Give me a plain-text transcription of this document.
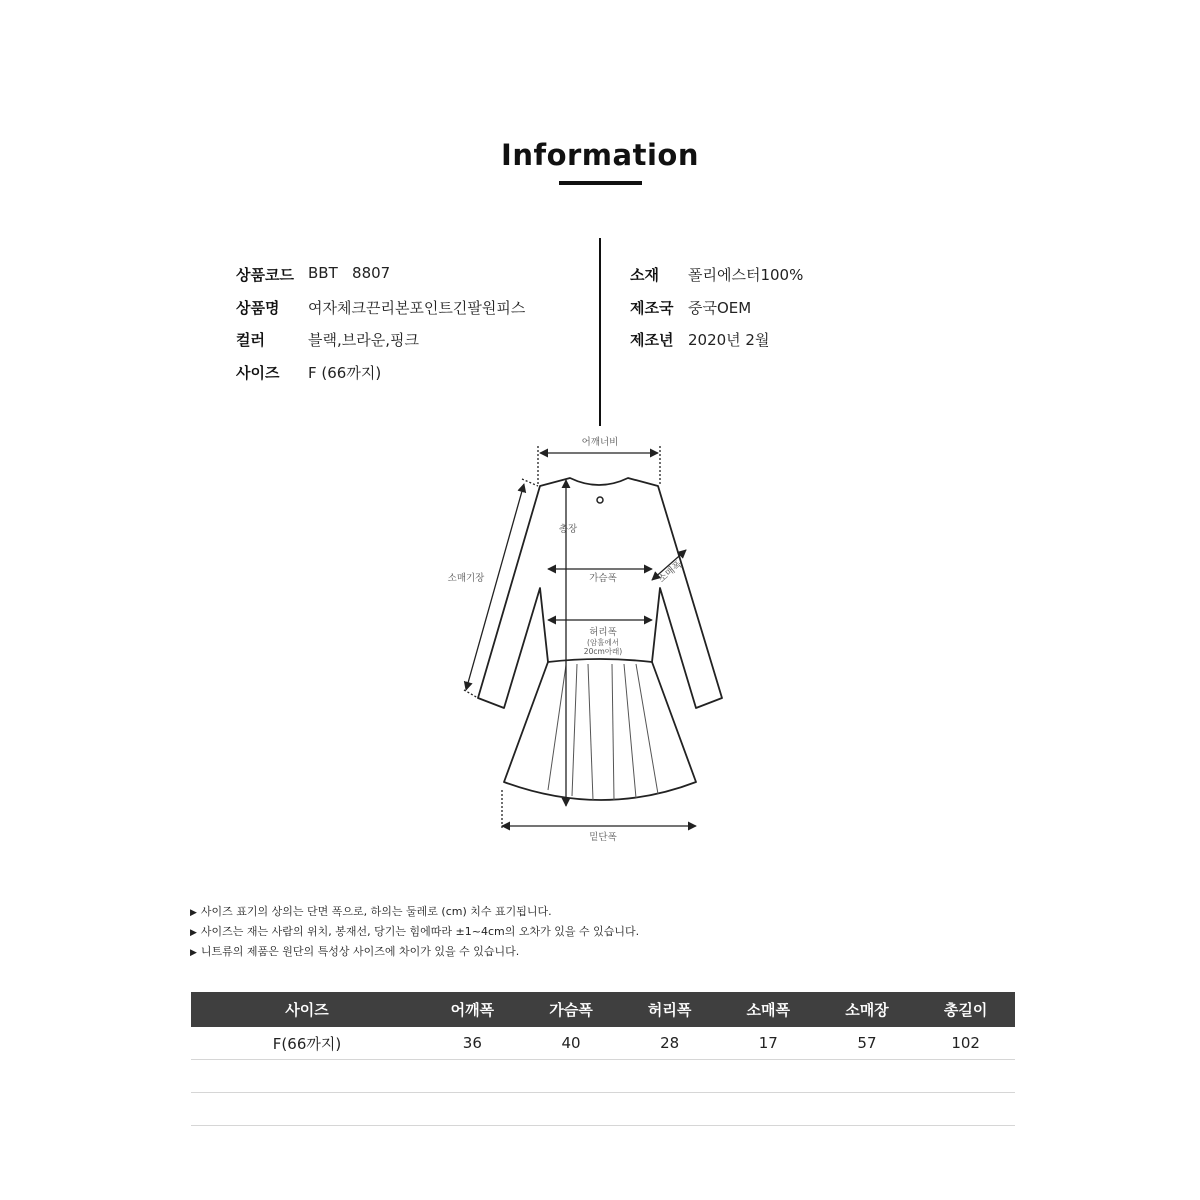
Information
상품코드 BBT   8807
상품명	여자체크끈리본포인트긴팔원피스
컬러	블랙,브라운,핑크
사이즈	F (66까지)
소재	폴리에스터100%
제조국 중국OEM
제조년 2020년 2월
어깨너비
총장
가슴폭
허리폭
(암홀에서
20cm아래)
소매기장	소매폭
밑단폭
▶ 사이즈 표기의 상의는 단면 폭으로, 하의는 둘레로 (cm) 치수 표기됩니다.
▶ 사이즈는 재는 사람의 위치, 봉재선, 당기는 힘에따라 ±1~4cm의 오차가 있을 수 있습니다.
▶ 니트류의 제품은 원단의 특성상 사이즈에 차이가 있을 수 있습니다.
사이즈	어깨폭	가슴폭	허리폭	소매폭	소매장	총길이
F(66까지)	36	40	28	17	57	102
